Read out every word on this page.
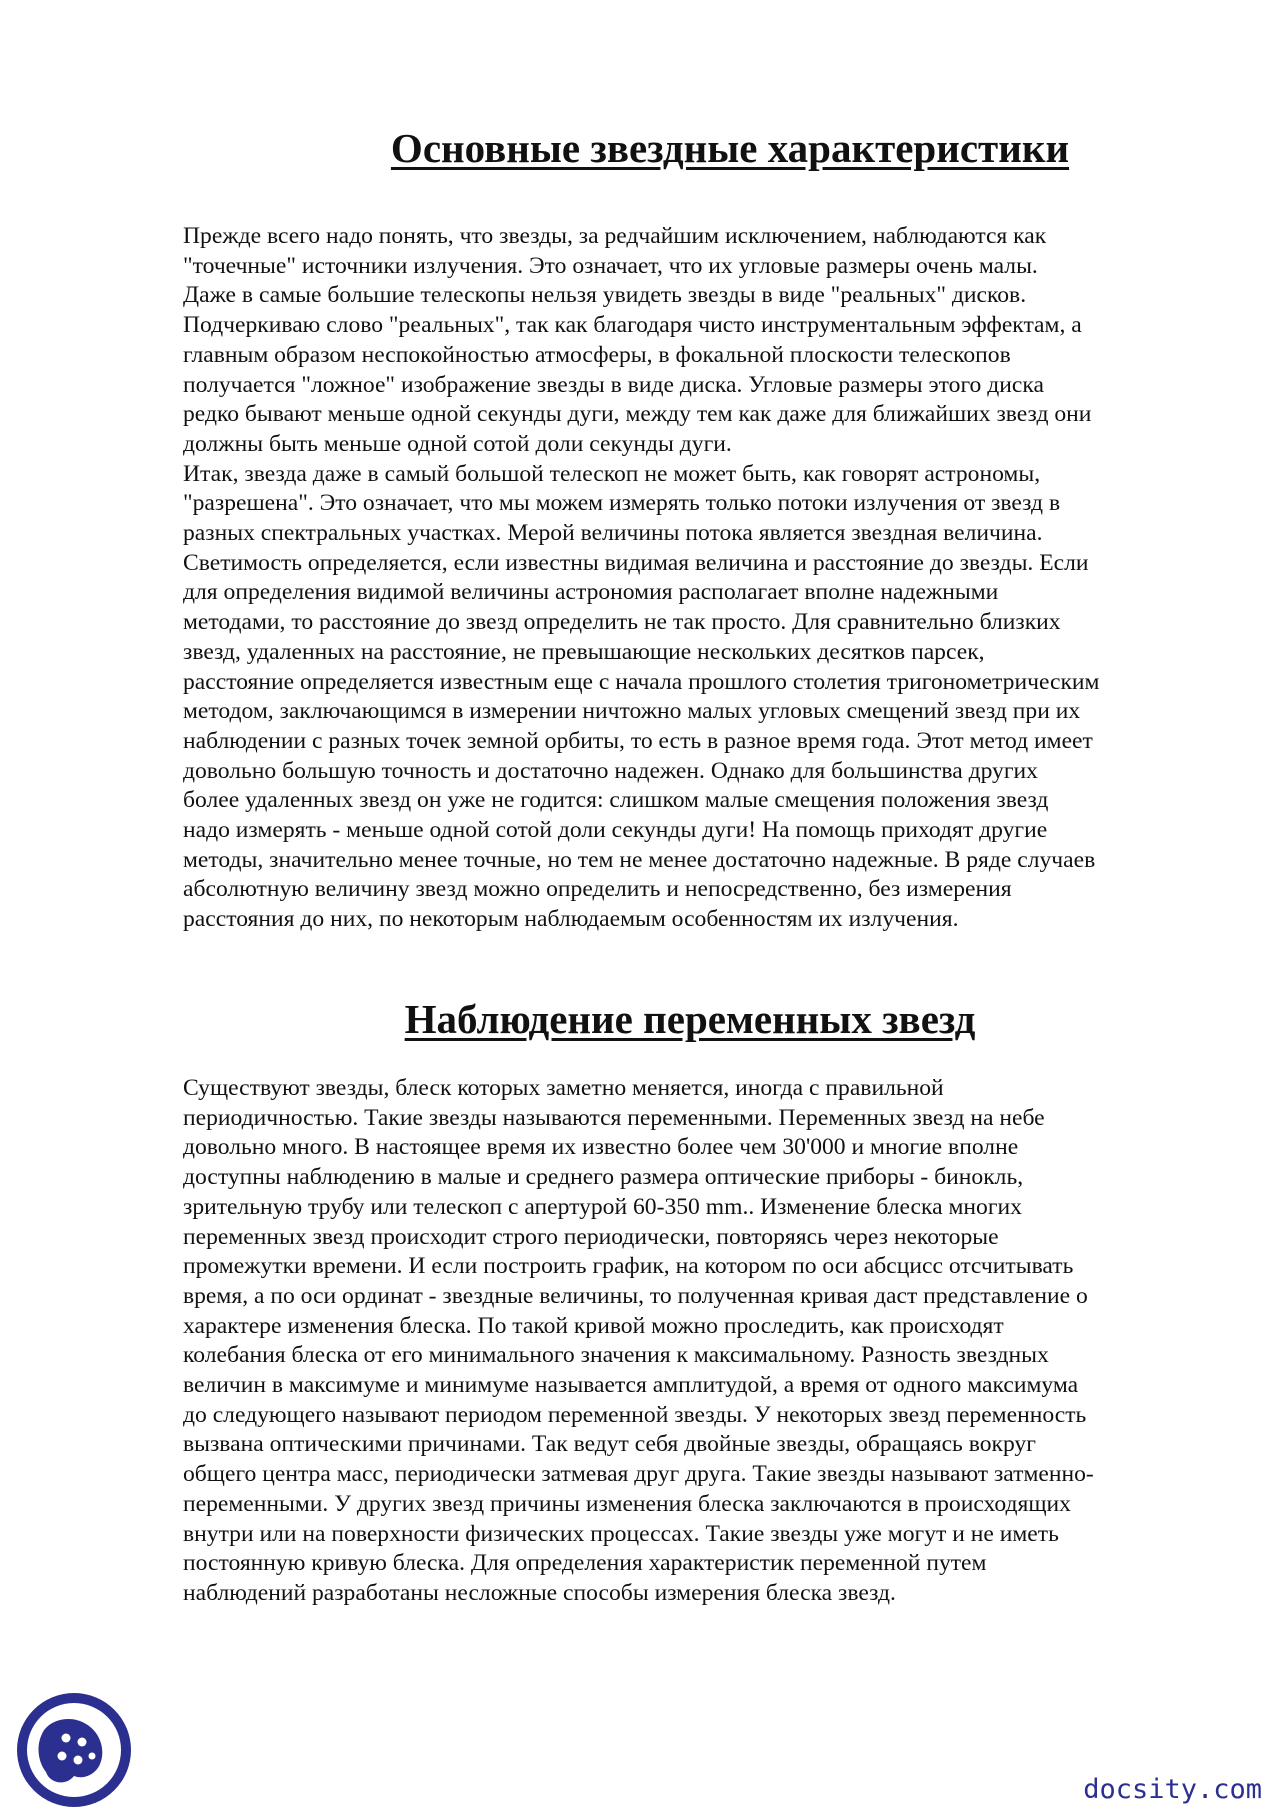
Основные звездные характеристики
Прежде всего надо понять, что звезды, за редчайшим исключением, наблюдаются как
"точечные" источники излучения. Это означает, что их угловые размеры очень малы.
Даже в самые большие телескопы нельзя увидеть звезды в виде "реальных" дисков.
Подчеркиваю слово "реальных", так как благодаря чисто инструментальным эффектам, а
главным образом неспокойностью атмосферы, в фокальной плоскости телескопов
получается "ложное" изображение звезды в виде диска. Угловые размеры этого диска
редко бывают меньше одной секунды дуги, между тем как даже для ближайших звезд они
должны быть меньше одной сотой доли секунды дуги.
Итак, звезда даже в самый большой телескоп не может быть, как говорят астрономы,
"разрешена". Это означает, что мы можем измерять только потоки излучения от звезд в
разных спектральных участках. Мерой величины потока является звездная величина.
Светимость определяется, если известны видимая величина и расстояние до звезды. Если
для определения видимой величины астрономия располагает вполне надежными
методами, то расстояние до звезд определить не так просто. Для сравнительно близких
звезд, удаленных на расстояние, не превышающие нескольких десятков парсек,
расстояние определяется известным еще с начала прошлого столетия тригонометрическим
методом, заключающимся в измерении ничтожно малых угловых смещений звезд при их
наблюдении с разных точек земной орбиты, то есть в разное время года. Этот метод имеет
довольно большую точность и достаточно надежен. Однако для большинства других
более удаленных звезд он уже не годится: слишком малые смещения положения звезд
надо измерять - меньше одной сотой доли секунды дуги! На помощь приходят другие
методы, значительно менее точные, но тем не менее достаточно надежные. В ряде случаев
абсолютную величину звезд можно определить и непосредственно, без измерения
расстояния до них, по некоторым наблюдаемым особенностям их излучения.
Наблюдение переменных звезд
Существуют звезды, блеск которых заметно меняется, иногда с правильной
периодичностью. Такие звезды называются переменными. Переменных звезд на небе
довольно много. В настоящее время их известно более чем 30'000 и многие вполне
доступны наблюдению в малые и среднего размера оптические приборы - бинокль,
зрительную трубу или телескоп с апертурой 60-350 mm.. Изменение блеска многих
переменных звезд происходит строго периодически, повторяясь через некоторые
промежутки времени. И если построить график, на котором по оси абсцисс отсчитывать
время, а по оси ординат - звездные величины, то полученная кривая даст представление о
характере изменения блеска. По такой кривой можно проследить, как происходят
колебания блеска от его минимального значения к максимальному. Разность звездных
величин в максимуме и минимуме называется амплитудой, а время от одного максимума
до следующего называют периодом переменной звезды. У некоторых звезд переменность
вызвана оптическими причинами. Так ведут себя двойные звезды, обращаясь вокруг
общего центра масс, периодически затмевая друг друга. Такие звезды называют затменно-
переменными. У других звезд причины изменения блеска заключаются в происходящих
внутри или на поверхности физических процессах. Такие звезды уже могут и не иметь
постоянную кривую блеска. Для определения характеристик переменной путем
наблюдений разработаны несложные способы измерения блеска звезд.
docsity.com
